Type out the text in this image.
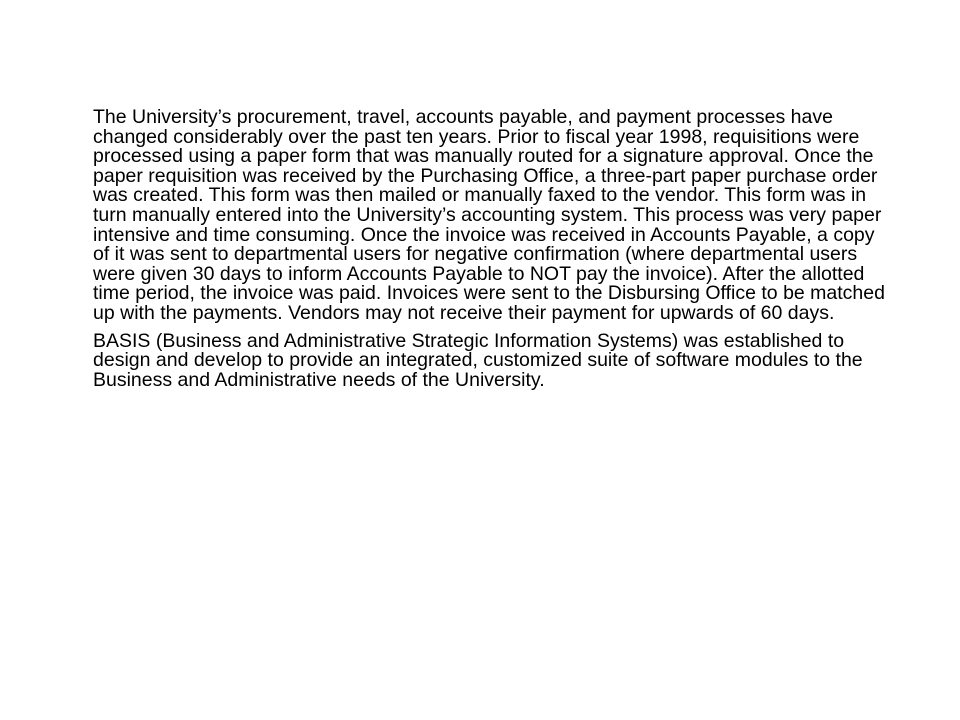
The University’s procurement, travel, accounts payable, and payment processes have changed considerably over the past ten years. Prior to fiscal year 1998, requisitions were processed using a paper form that was manually routed for a signature approval. Once the paper requisition was received by the Purchasing Office, a three-part paper purchase order was created. This form was then mailed or manually faxed to the vendor. This form was in turn manually entered into the University’s accounting system. This process was very paper intensive and time consuming. Once the invoice was received in Accounts Payable, a copy of it was sent to departmental users for negative confirmation (where departmental users were given 30 days to inform Accounts Payable to NOT pay the invoice). After the allotted time period, the invoice was paid. Invoices were sent to the Disbursing Office to be matched up with the payments. Vendors may not receive their payment for upwards of 60 days.

BASIS (Business and Administrative Strategic Information Systems) was established to design and develop to provide an integrated, customized suite of software modules to the Business and Administrative needs of the University.
